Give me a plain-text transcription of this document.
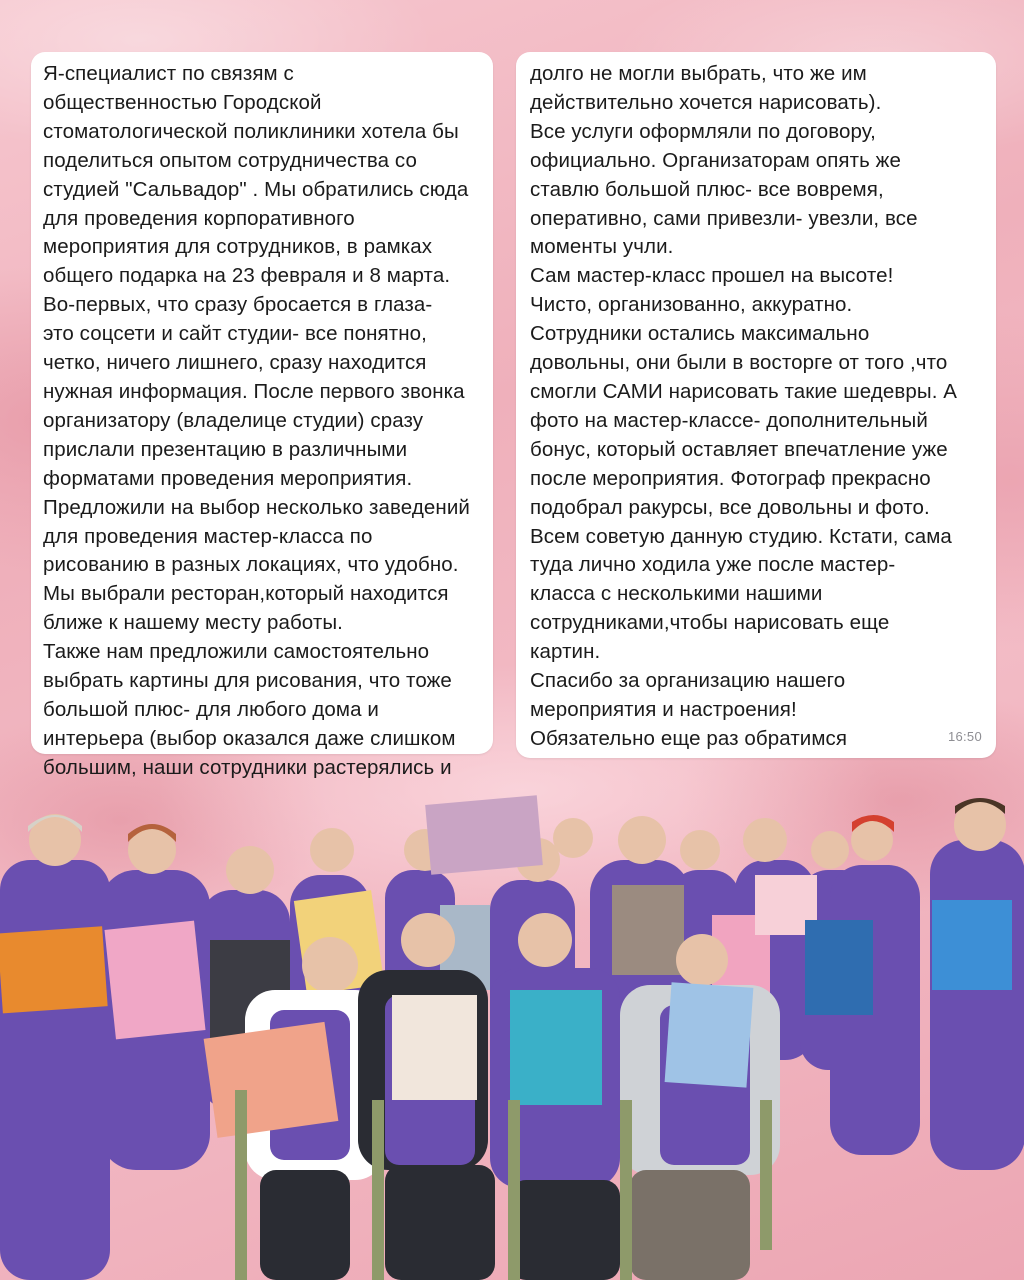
Я-специалист по связям с
общественностью Городской
стоматологической поликлиники хотела бы
поделиться опытом сотрудничества со
студией "Сальвадор" . Мы обратились сюда
для проведения корпоративного
мероприятия для сотрудников, в рамках
общего подарка на 23 февраля и 8 марта.
Во-первых, что сразу бросается в глаза-
это соцсети и сайт студии- все понятно,
четко, ничего лишнего, сразу находится
нужная информация. После первого звонка
организатору (владелице студии) сразу
прислали презентацию в различными
форматами проведения мероприятия.
Предложили на выбор несколько заведений
для проведения мастер-класса по
рисованию в разных локациях, что удобно.
Мы выбрали ресторан,который находится
ближе к нашему месту работы.
Также нам предложили самостоятельно
выбрать картины для рисования, что тоже
большой плюс- для любого дома и
интерьера (выбор оказался даже слишком
большим, наши сотрудники растерялись и

долго не могли выбрать, что же им
действительно хочется нарисовать).
Все услуги оформляли по договору,
официально. Организаторам опять же
ставлю большой плюс- все вовремя,
оперативно, сами привезли- увезли, все
моменты учли.
Сам мастер-класс прошел на высоте!
Чисто, организованно, аккуратно.
Сотрудники остались максимально
довольны, они были в восторге от того ,что
смогли САМИ нарисовать такие шедевры. А
фото на мастер-классе- дополнительный
бонус, который оставляет впечатление уже
после мероприятия. Фотограф прекрасно
подобрал ракурсы, все довольны и фото.
Всем советую данную студию. Кстати, сама
туда лично ходила уже после мастер-
класса с несколькими нашими
сотрудниками,чтобы нарисовать еще
картин.
Спасибо за организацию нашего
мероприятия и настроения!
Обязательно еще раз обратимся	16:50
